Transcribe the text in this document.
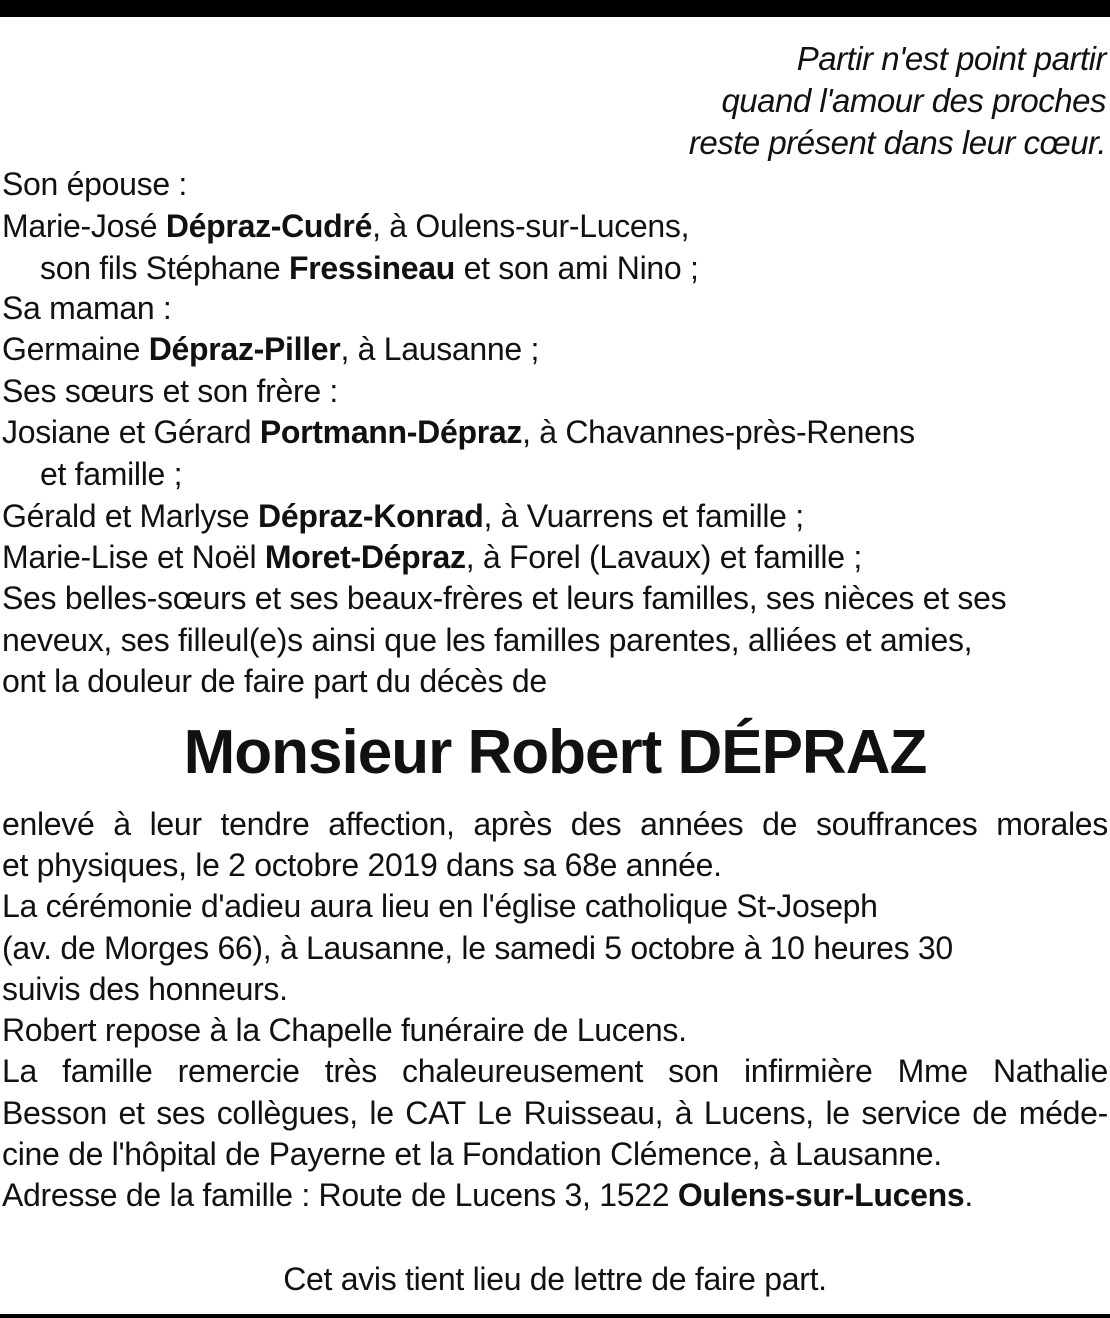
Partir n'est point partir
quand l'amour des proches
reste présent dans leur cœur.
Son épouse :
Marie-José Dépraz-Cudré, à Oulens-sur-Lucens,
son fils Stéphane Fressineau et son ami Nino ;
Sa maman :
Germaine Dépraz-Piller, à Lausanne ;
Ses sœurs et son frère :
Josiane et Gérard Portmann-Dépraz, à Chavannes-près-Renens
et famille ;
Gérald et Marlyse Dépraz-Konrad, à Vuarrens et famille ;
Marie-Lise et Noël Moret-Dépraz, à Forel (Lavaux) et famille ;
Ses belles-sœurs et ses beaux-frères et leurs familles, ses nièces et ses
neveux, ses filleul(e)s ainsi que les familles parentes, alliées et amies,
ont la douleur de faire part du décès de
Monsieur Robert DÉPRAZ
enlevé à leur tendre affection, après des années de souffrances morales
et physiques, le 2 octobre 2019 dans sa 68e année.
La cérémonie d'adieu aura lieu en l'église catholique St-Joseph
(av. de Morges 66), à Lausanne, le samedi 5 octobre à 10 heures 30
suivis des honneurs.
Robert repose à la Chapelle funéraire de Lucens.
La famille remercie très chaleureusement son infirmière Mme Nathalie
Besson et ses collègues, le CAT Le Ruisseau, à Lucens, le service de méde-
cine de l'hôpital de Payerne et la Fondation Clémence, à Lausanne.
Adresse de la famille : Route de Lucens 3, 1522 Oulens-sur-Lucens.
Cet avis tient lieu de lettre de faire part.
